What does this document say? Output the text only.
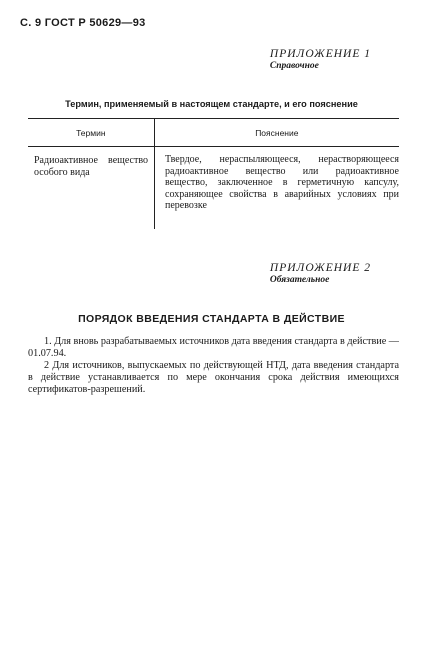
С. 9 ГОСТ Р 50629—93
ПРИЛОЖЕНИЕ 1
Справочное
Термин, применяемый в настоящем стандарте, и его пояснение
Термин	Пояснение
Радиоактивное вещество особого вида
Твердое, нераспыляющееся, нерастворяющееся радиоактивное вещество или радиоактивное вещество, заключенное в герметичную капсулу, сохраняющее свойства в аварийных условиях при перевозке
ПРИЛОЖЕНИЕ 2
Обязательное
ПОРЯДОК ВВЕДЕНИЯ СТАНДАРТА В ДЕЙСТВИЕ

1. Для вновь разрабатываемых источников дата введения стандарта в действие — 01.07.94.

2 Для источников, выпускаемых по действующей НТД, дата введения стандарта в действие устанавливается по мере окончания срока действия имеющихся сертификатов-разрешений.
